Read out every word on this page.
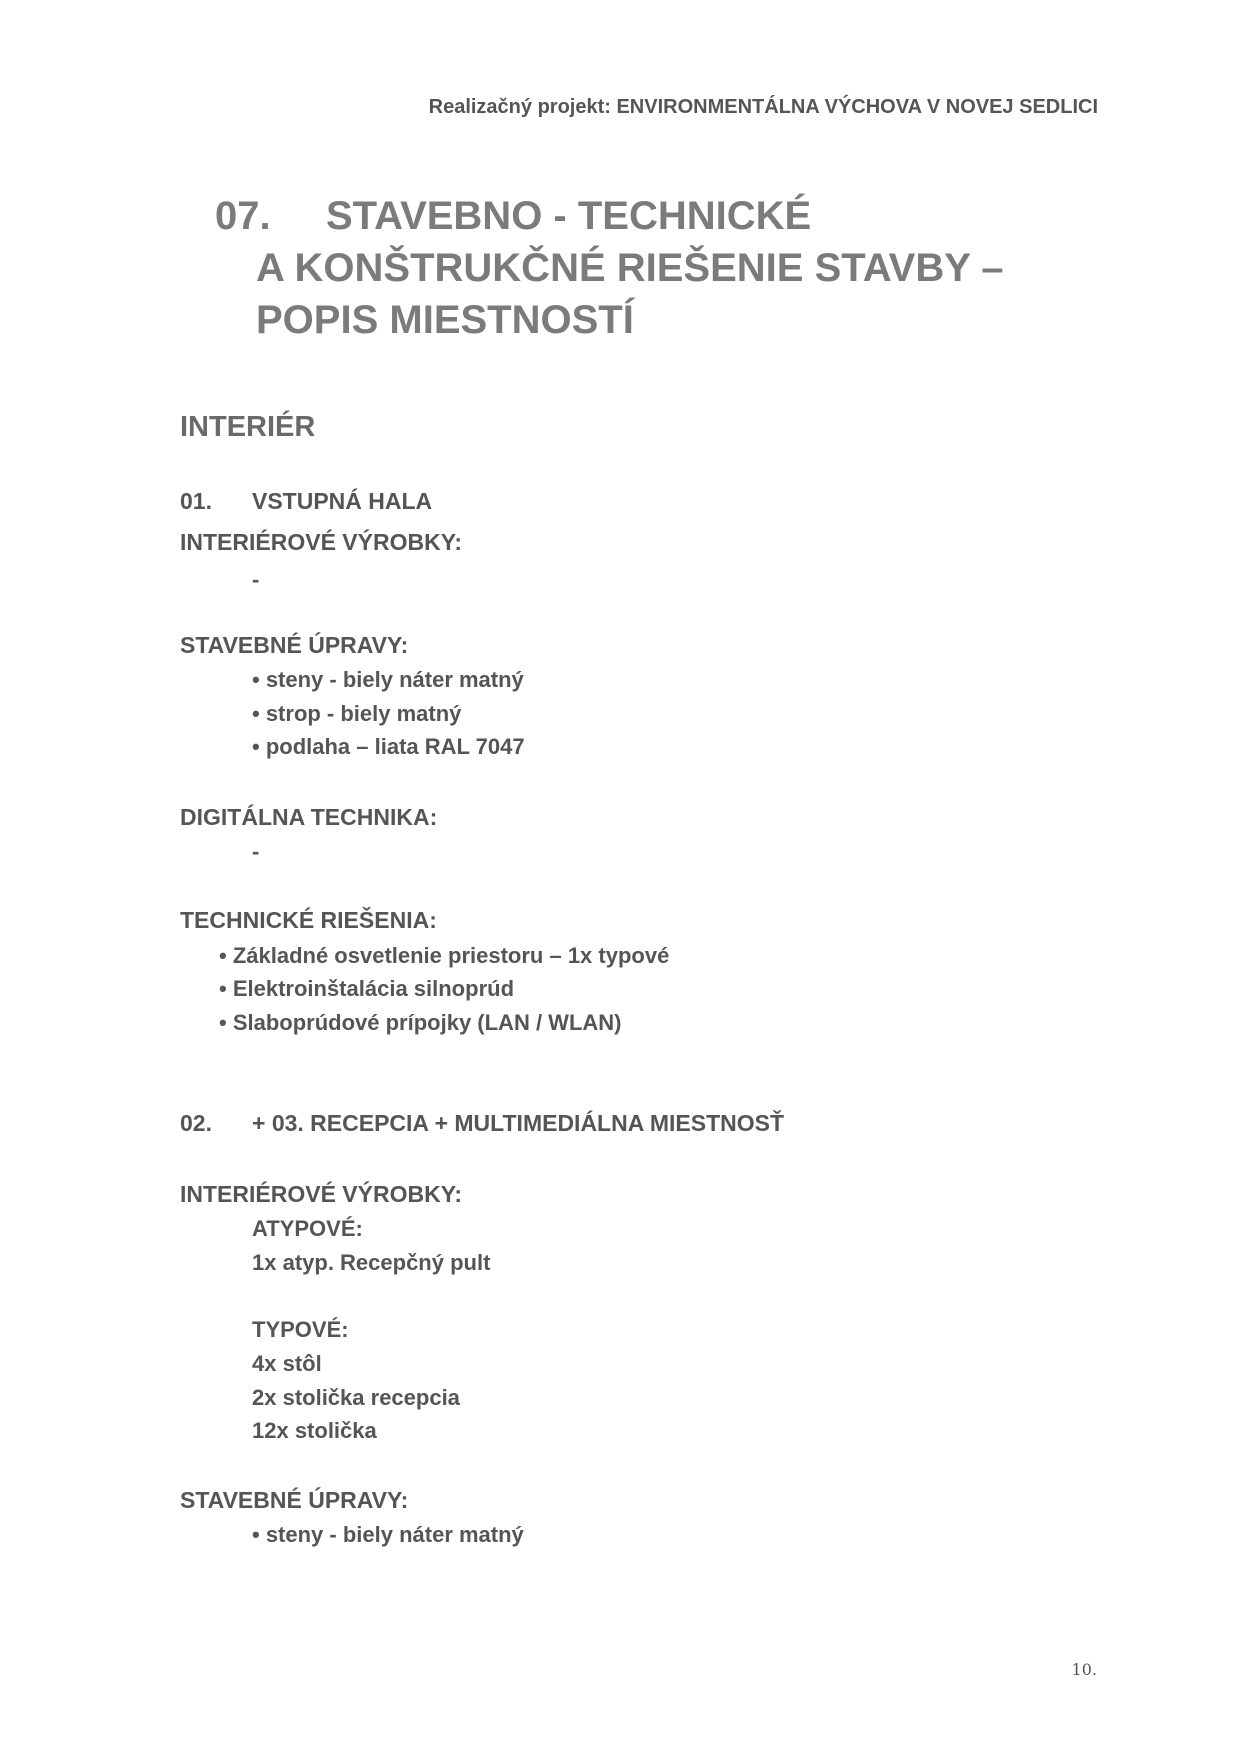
Realizačný projekt: ENVIRONMENTÁLNA VÝCHOVA V NOVEJ SEDLICI
07. STAVEBNO - TECHNICKÉ
A KONŠTRUKČNÉ RIEŠENIE STAVBY –
POPIS MIESTNOSTÍ
INTERIÉR
01. VSTUPNÁ HALA
INTERIÉROVÉ VÝROBKY:
-
STAVEBNÉ ÚPRAVY:
• steny - biely náter matný
• strop - biely matný
• podlaha – liata RAL 7047
DIGITÁLNA TECHNIKA:
-
TECHNICKÉ RIEŠENIA:
• Základné osvetlenie priestoru – 1x typové
• Elektroinštalácia silnoprúd
• Slaboprúdové prípojky (LAN / WLAN)
02. + 03. RECEPCIA + MULTIMEDIÁLNA MIESTNOSŤ
INTERIÉROVÉ VÝROBKY:
ATYPOVÉ:
1x atyp. Recepčný pult
TYPOVÉ:
4x stôl
2x stolička recepcia
12x stolička
STAVEBNÉ ÚPRAVY:
• steny - biely náter matný
10.
